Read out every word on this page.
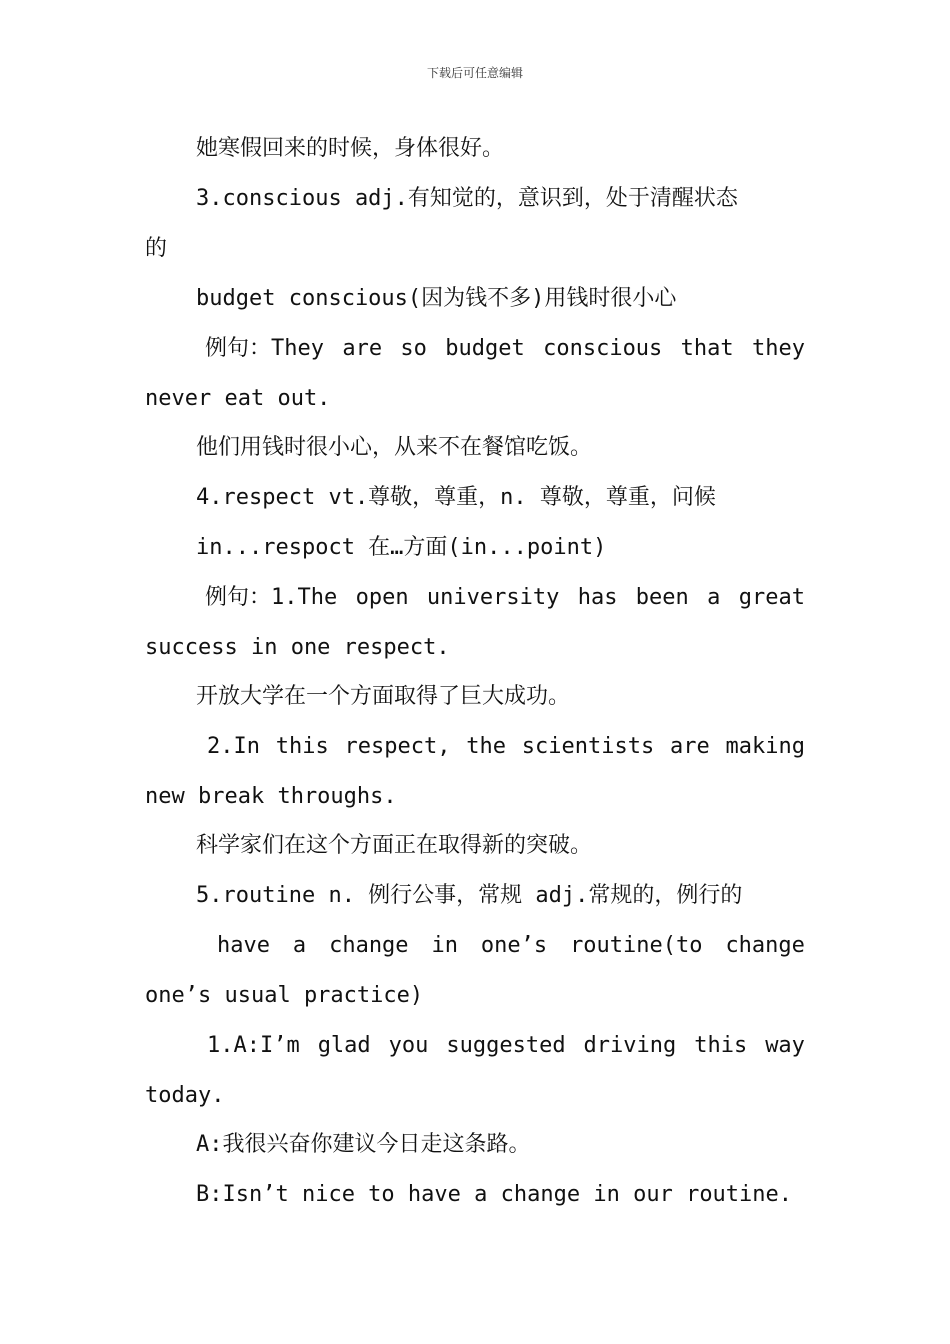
下载后可任意编辑
她寒假回来的时候，身体很好。
3.conscious adj.有知觉的，意识到，处于清醒状态
的
budget conscious(因为钱不多)用钱时很小心
例句：They are so budget conscious that they
never eat out.
他们用钱时很小心，从来不在餐馆吃饭。
4.respect vt.尊敬，尊重，n. 尊敬，尊重，问候
in...respoct 在…方面(in...point)
例句：1.The open university has been a great
success in one respect.
开放大学在一个方面取得了巨大成功。
2.In this respect, the scientists are making
new break throughs.
科学家们在这个方面正在取得新的突破。
5.routine n. 例行公事，常规 adj.常规的，例行的
have a change in one’s routine(to change
one’s usual practice)
1.A:I’m glad you suggested driving this way
today.
A:我很兴奋你建议今日走这条路。
B:Isn’t nice to have a change in our routine.
